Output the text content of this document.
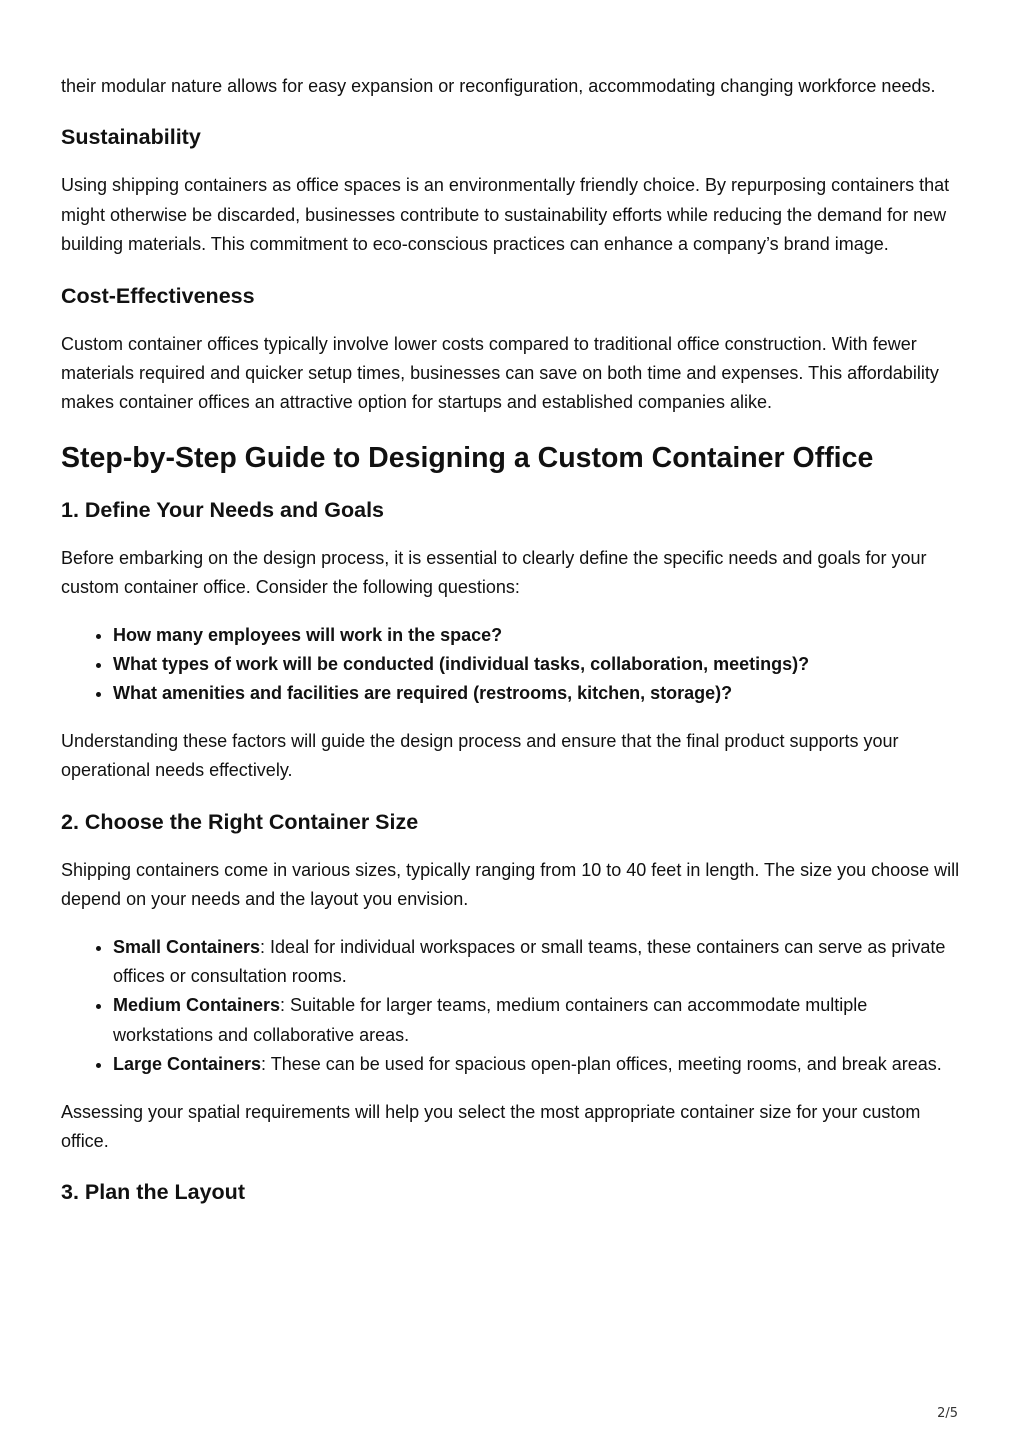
their modular nature allows for easy expansion or reconfiguration, accommodating changing workforce needs.

Sustainability

Using shipping containers as office spaces is an environmentally friendly choice. By repurposing containers that might otherwise be discarded, businesses contribute to sustainability efforts while reducing the demand for new building materials. This commitment to eco-conscious practices can enhance a company’s brand image.

Cost-Effectiveness

Custom container offices typically involve lower costs compared to traditional office construction. With fewer materials required and quicker setup times, businesses can save on both time and expenses. This affordability makes container offices an attractive option for startups and established companies alike.

Step-by-Step Guide to Designing a Custom Container Office
1. Define Your Needs and Goals

Before embarking on the design process, it is essential to clearly define the specific needs and goals for your custom container office. Consider the following questions:

• How many employees will work in the space?
• What types of work will be conducted (individual tasks, collaboration, meetings)?
• What amenities and facilities are required (restrooms, kitchen, storage)?

Understanding these factors will guide the design process and ensure that the final product supports your operational needs effectively.

2. Choose the Right Container Size

Shipping containers come in various sizes, typically ranging from 10 to 40 feet in length. The size you choose will depend on your needs and the layout you envision.

• Small Containers: Ideal for individual workspaces or small teams, these containers can serve as private offices or consultation rooms.
• Medium Containers: Suitable for larger teams, medium containers can accommodate multiple workstations and collaborative areas.
• Large Containers: These can be used for spacious open-plan offices, meeting rooms, and break areas.

Assessing your spatial requirements will help you select the most appropriate container size for your custom office.

3. Plan the Layout
2/5
